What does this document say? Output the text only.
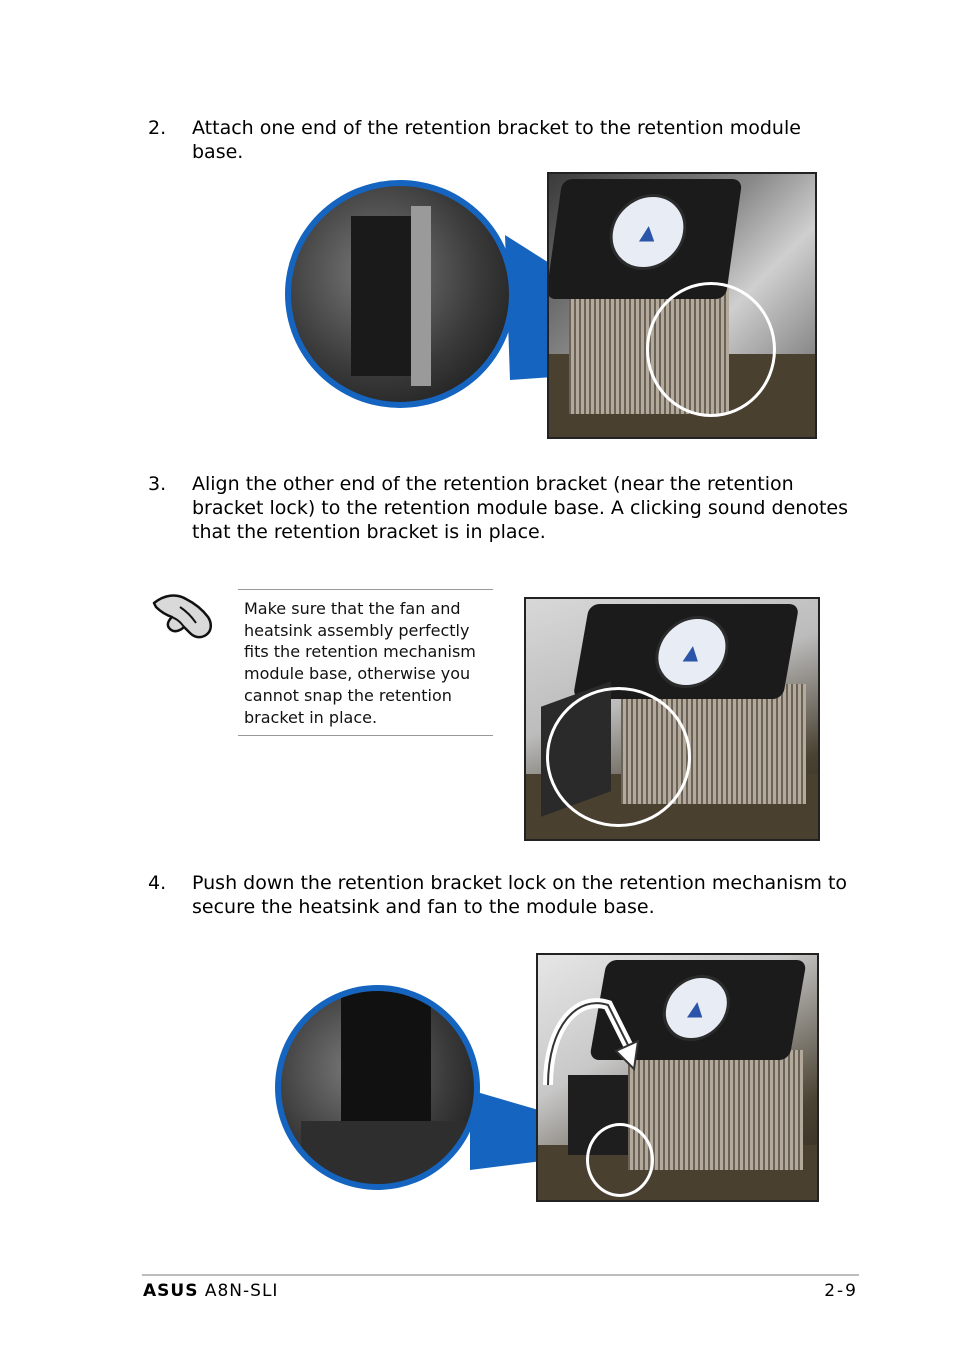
2. Attach one end of the retention bracket to the retention module
base.
▲
3. Align the other end of the retention bracket (near the retention
bracket lock) to the retention module base. A clicking sound denotes
that the retention bracket is in place.
Make sure that the fan and
heatsink assembly perfectly
fits the retention mechanism
module base, otherwise you
cannot snap the retention
bracket in place.
▲
4. Push down the retention bracket lock on the retention mechanism to
secure the heatsink and fan to the module base.
▲
ASUS A8N-SLI	2-9
